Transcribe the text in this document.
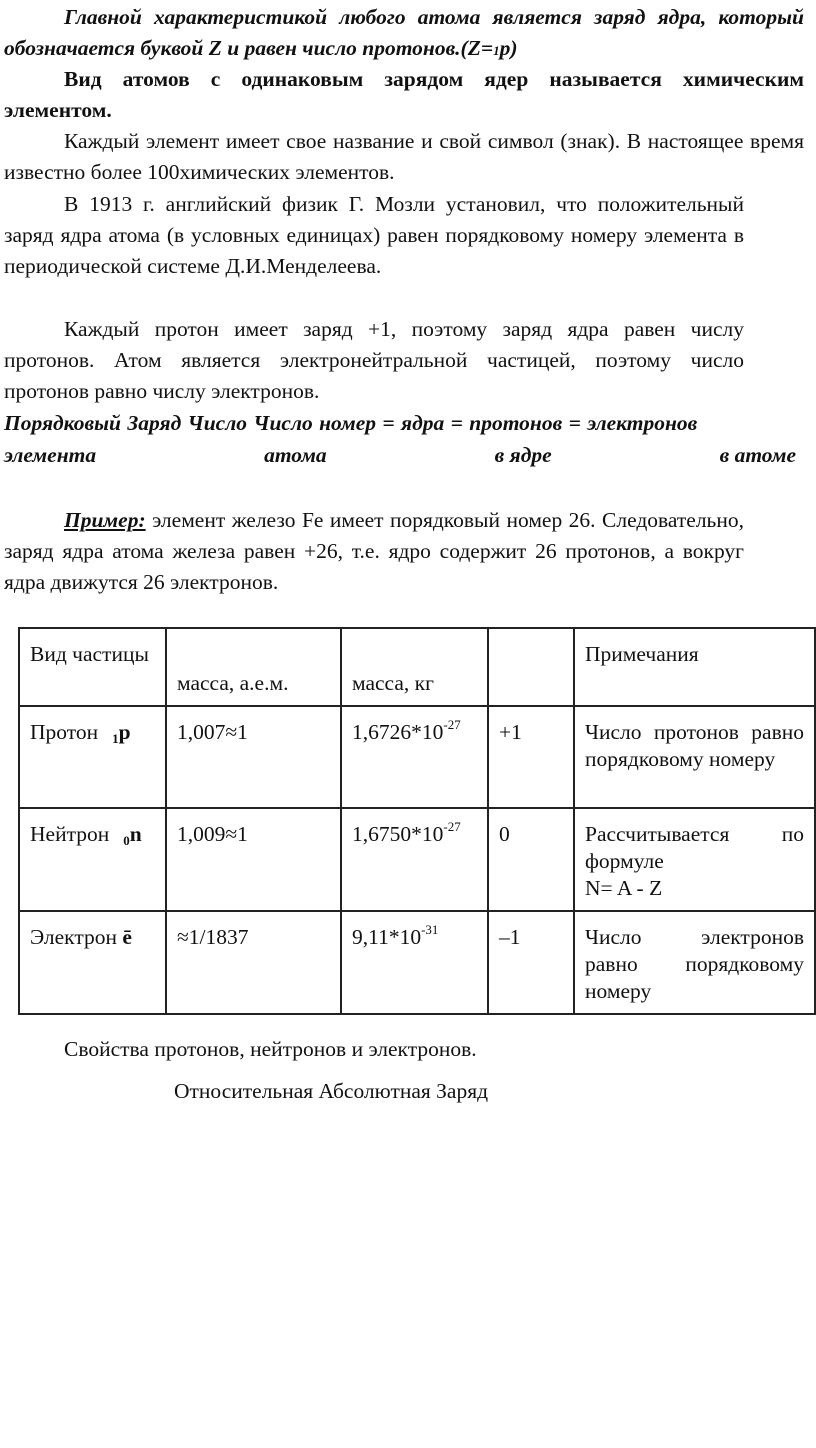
Главной характеристикой любого атома является заряд ядра, который обозначается буквой Z и равен число протонов.(Z=1p)
Вид атомов с одинаковым зарядом ядер называется химическим элементом.
Каждый элемент имеет свое название и свой символ (знак). В настоящее время известно более 100химических элементов.
В 1913 г. английский физик Г. Мозли установил, что положительный заряд ядра атома (в условных единицах) равен порядковому номеру элемента в периодической системе Д.И.Менделеева.
Каждый протон имеет заряд +1, поэтому заряд ядра равен числу протонов. Атом является электронейтральной частицей, поэтому число протонов равно числу электронов.
Порядковый Заряд Число Число номер = ядра = протонов = электронов
элемента	атома	в ядре	в атоме
Пример: элемент железо Fe имеет порядковый номер 26. Следовательно, заряд ядра атома железа равен +26, т.е. ядро содержит 26 протонов, а вокруг ядра движутся 26 электронов.
Вид частицы	масса, а.е.м.	масса, кг		Примечания
Протон 1p	1,007≈1	$1,6726*10^{-27}$	+1	Число протонов равно порядковому номеру
Нейтрон 0n	1,009≈1	$1,6750*10^{-27}$	0	Рассчитывается по формуле
N= A - Z

Электрон ē	≈1/1837	$9,11*10^{-31}$	–1	Число электронов равно порядковому номеру
Свойства протонов, нейтронов и электронов.
Относительная Абсолютная Заряд
